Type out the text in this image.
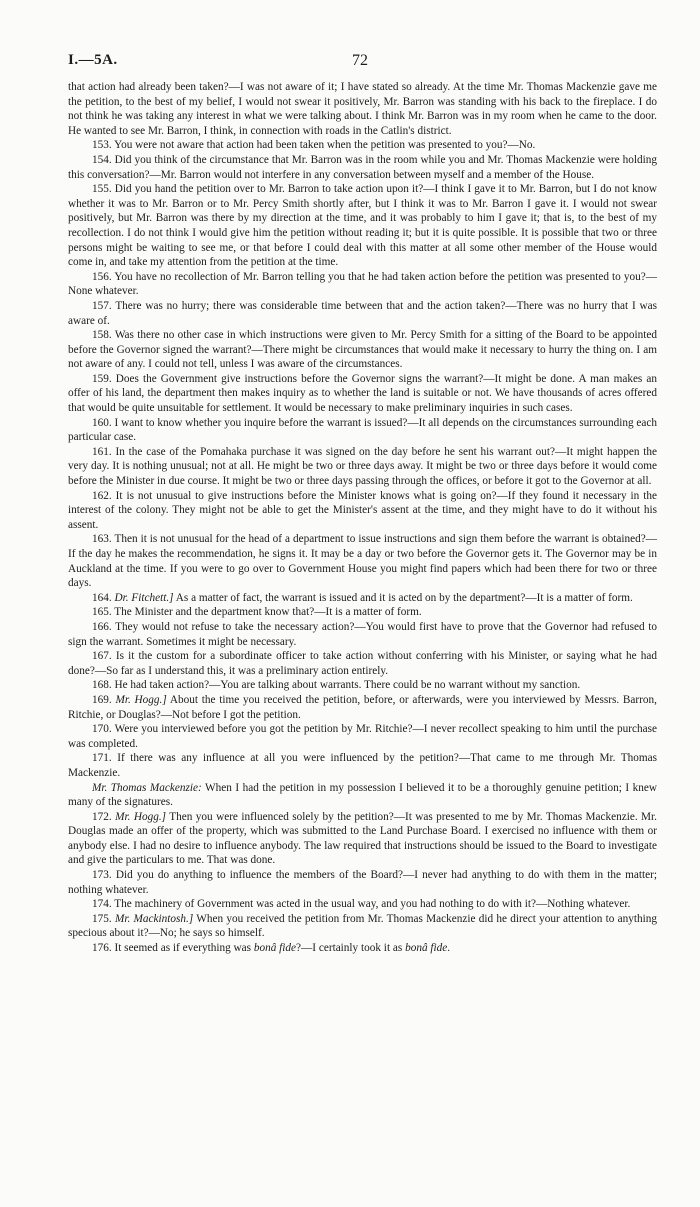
I.—5A.	72

that action had already been taken?—I was not aware of it; I have stated so already. At the time Mr. Thomas Mackenzie gave me the petition, to the best of my belief, I would not swear it positively, Mr. Barron was standing with his back to the fireplace. I do not think he was taking any interest in what we were talking about. I think Mr. Barron was in my room when he came to the door. He wanted to see Mr. Barron, I think, in connection with roads in the Catlin's district.

153. You were not aware that action had been taken when the petition was presented to you?—No.

154. Did you think of the circumstance that Mr. Barron was in the room while you and Mr. Thomas Mackenzie were holding this conversation?—Mr. Barron would not interfere in any conversation between myself and a member of the House.

155. Did you hand the petition over to Mr. Barron to take action upon it?—I think I gave it to Mr. Barron, but I do not know whether it was to Mr. Barron or to Mr. Percy Smith shortly after, but I think it was to Mr. Barron I gave it. I would not swear positively, but Mr. Barron was there by my direction at the time, and it was probably to him I gave it; that is, to the best of my recollection. I do not think I would give him the petition without reading it; but it is quite possible. It is possible that two or three persons might be waiting to see me, or that before I could deal with this matter at all some other member of the House would come in, and take my attention from the petition at the time.

156. You have no recollection of Mr. Barron telling you that he had taken action before the petition was presented to you?—None whatever.

157. There was no hurry; there was considerable time between that and the action taken?—There was no hurry that I was aware of.

158. Was there no other case in which instructions were given to Mr. Percy Smith for a sitting of the Board to be appointed before the Governor signed the warrant?—There might be circumstances that would make it necessary to hurry the thing on. I am not aware of any. I could not tell, unless I was aware of the circumstances.

159. Does the Government give instructions before the Governor signs the warrant?—It might be done. A man makes an offer of his land, the department then makes inquiry as to whether the land is suitable or not. We have thousands of acres offered that would be quite unsuitable for settlement. It would be necessary to make preliminary inquiries in such cases.

160. I want to know whether you inquire before the warrant is issued?—It all depends on the circumstances surrounding each particular case.

161. In the case of the Pomahaka purchase it was signed on the day before he sent his warrant out?—It might happen the very day. It is nothing unusual; not at all. He might be two or three days away. It might be two or three days before it would come before the Minister in due course. It might be two or three days passing through the offices, or before it got to the Governor at all.

162. It is not unusual to give instructions before the Minister knows what is going on?—If they found it necessary in the interest of the colony. They might not be able to get the Minister's assent at the time, and they might have to do it without his assent.

163. Then it is not unusual for the head of a department to issue instructions and sign them before the warrant is obtained?—If the day he makes the recommendation, he signs it. It may be a day or two before the Governor gets it. The Governor may be in Auckland at the time. If you were to go over to Government House you might find papers which had been there for two or three days.

164. Dr. Fitchett.] As a matter of fact, the warrant is issued and it is acted on by the department?—It is a matter of form.

165. The Minister and the department know that?—It is a matter of form.

166. They would not refuse to take the necessary action?—You would first have to prove that the Governor had refused to sign the warrant. Sometimes it might be necessary.

167. Is it the custom for a subordinate officer to take action without conferring with his Minister, or saying what he had done?—So far as I understand this, it was a preliminary action entirely.

168. He had taken action?—You are talking about warrants. There could be no warrant without my sanction.

169. Mr. Hogg.] About the time you received the petition, before, or afterwards, were you interviewed by Messrs. Barron, Ritchie, or Douglas?—Not before I got the petition.

170. Were you interviewed before you got the petition by Mr. Ritchie?—I never recollect speaking to him until the purchase was completed.

171. If there was any influence at all you were influenced by the petition?—That came to me through Mr. Thomas Mackenzie.

Mr. Thomas Mackenzie: When I had the petition in my possession I believed it to be a thoroughly genuine petition; I knew many of the signatures.

172. Mr. Hogg.] Then you were influenced solely by the petition?—It was presented to me by Mr. Thomas Mackenzie. Mr. Douglas made an offer of the property, which was submitted to the Land Purchase Board. I exercised no influence with them or anybody else. I had no desire to influence anybody. The law required that instructions should be issued to the Board to investigate and give the particulars to me. That was done.

173. Did you do anything to influence the members of the Board?—I never had anything to do with them in the matter; nothing whatever.

174. The machinery of Government was acted in the usual way, and you had nothing to do with it?—Nothing whatever.

175. Mr. Mackintosh.] When you received the petition from Mr. Thomas Mackenzie did he direct your attention to anything specious about it?—No; he says so himself.

176. It seemed as if everything was bonâ fide?—I certainly took it as bonâ fide.
